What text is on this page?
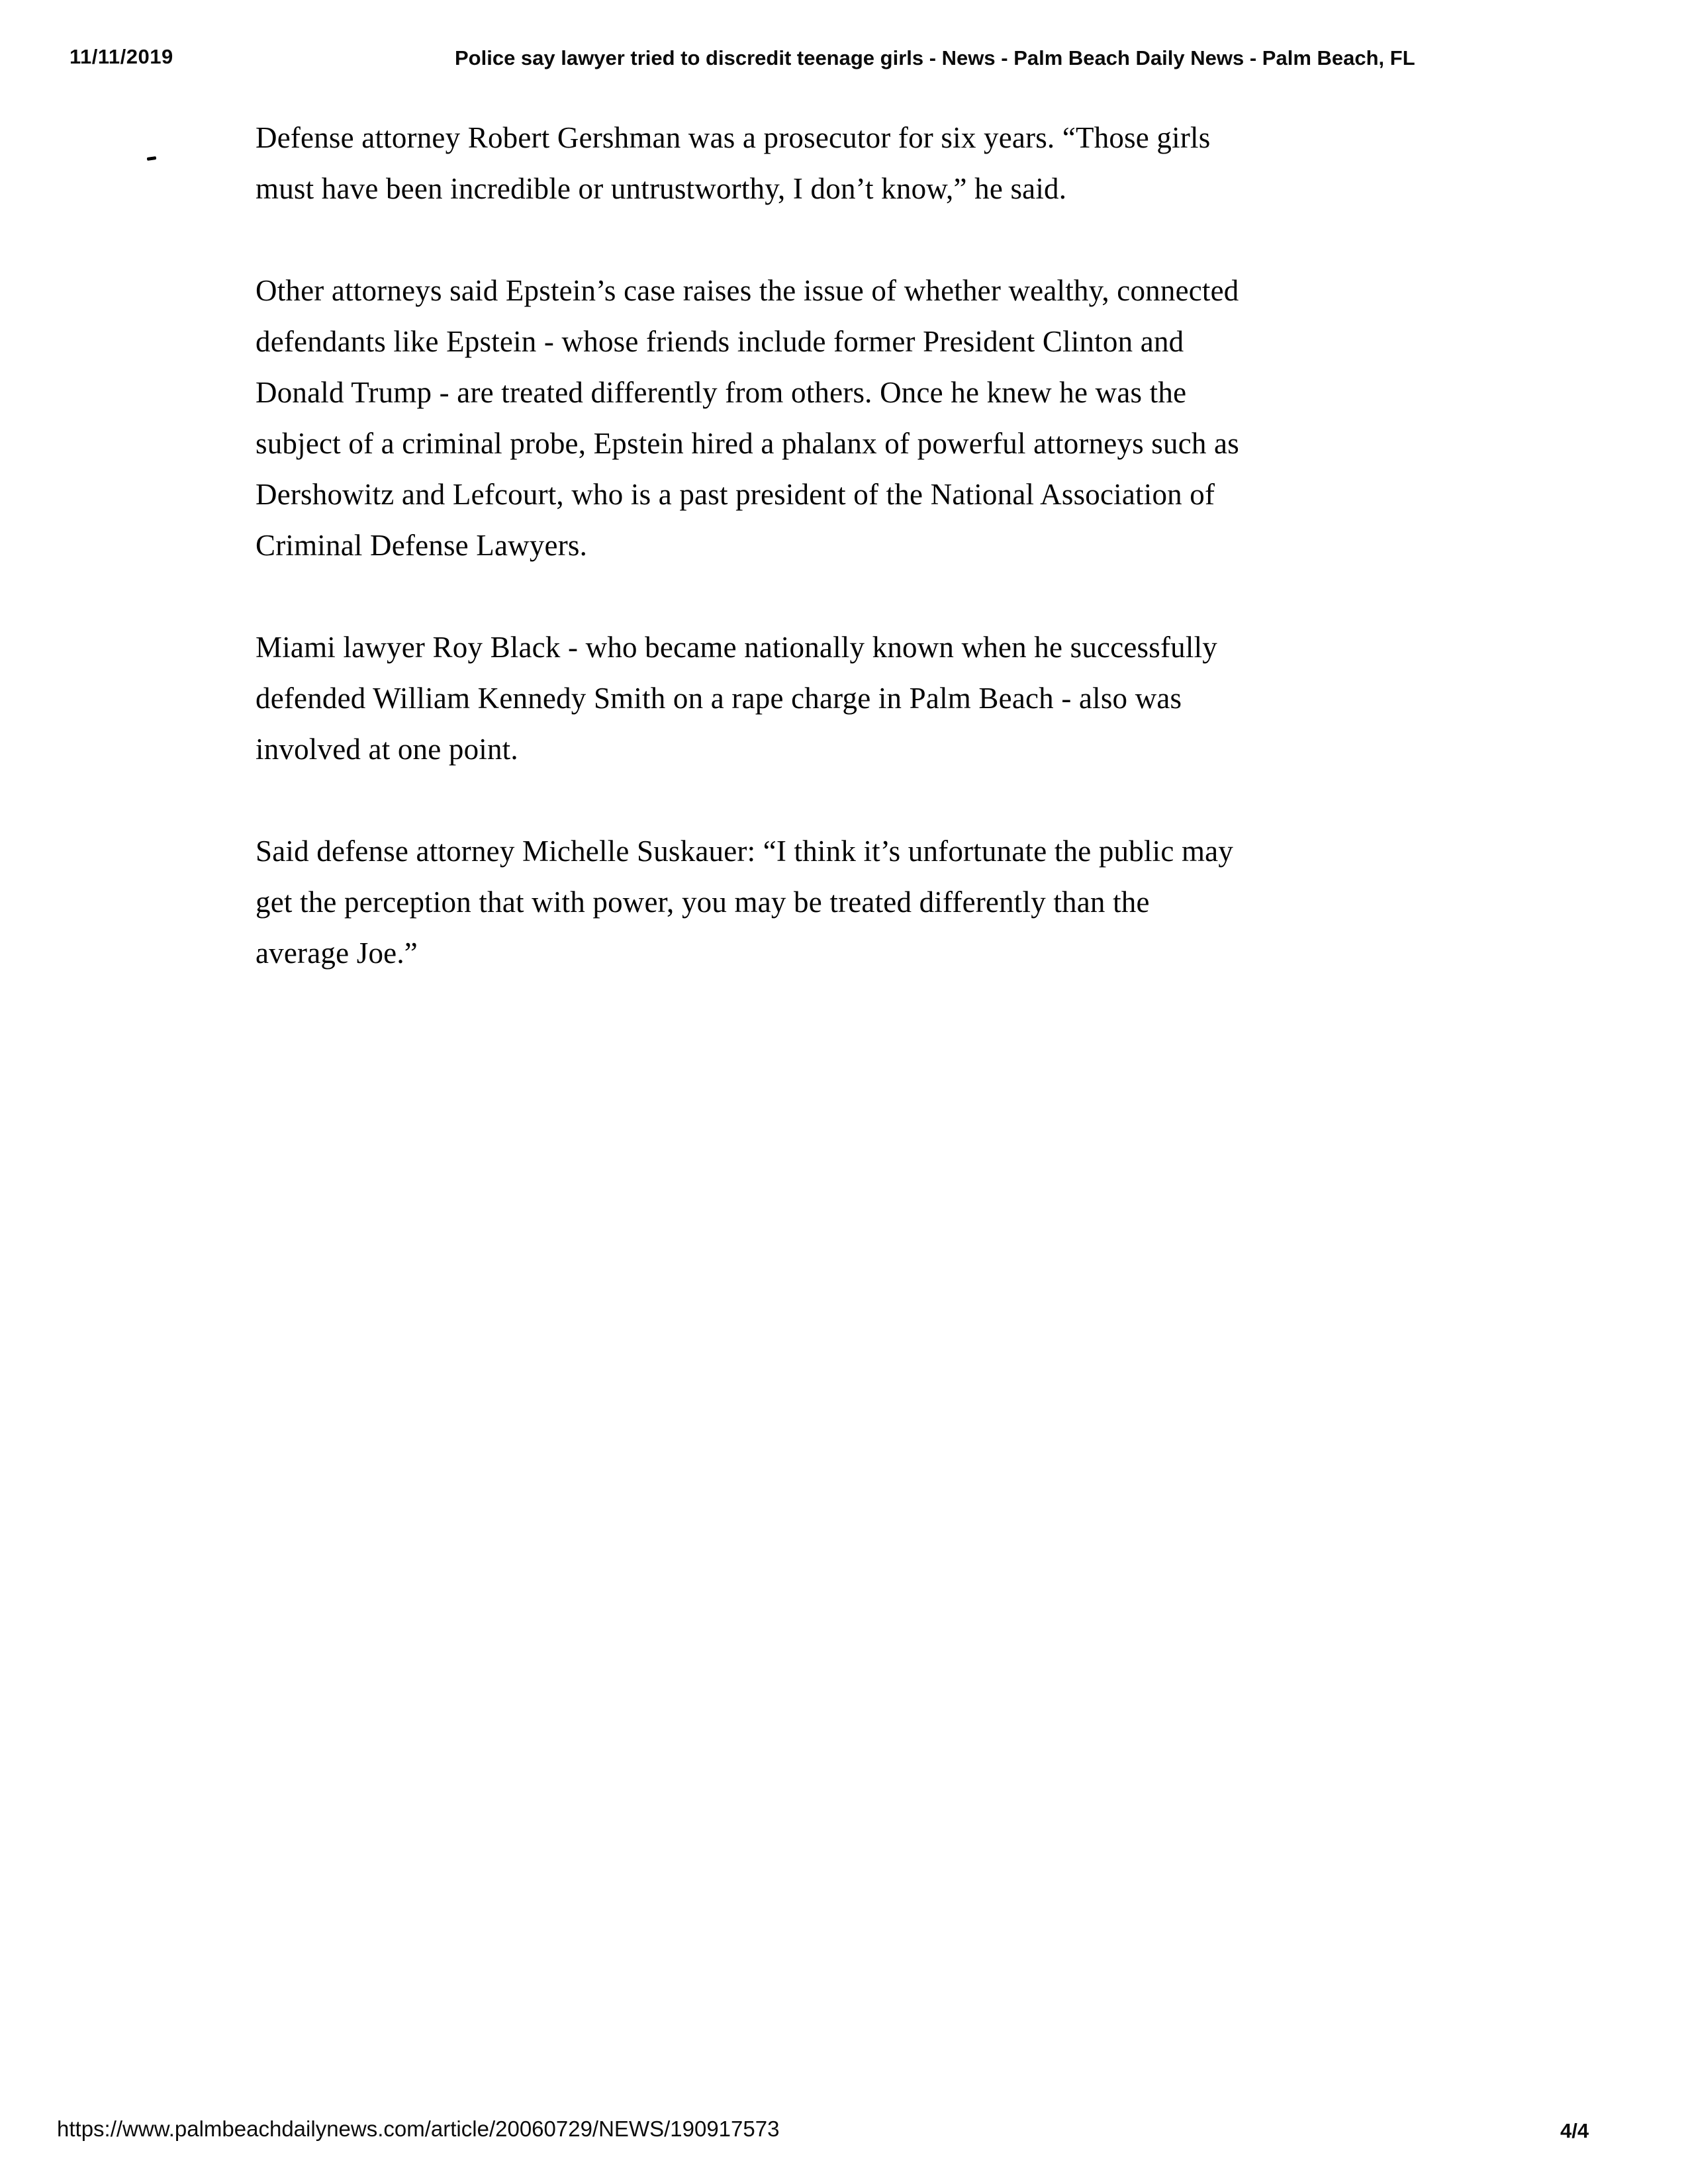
11/11/2019	Police say lawyer tried to discredit teenage girls - News - Palm Beach Daily News - Palm Beach, FL

Defense attorney Robert Gershman was a prosecutor for six years. “Those girls
must have been incredible or untrustworthy, I don’t know,” he said.

Other attorneys said Epstein’s case raises the issue of whether wealthy, connected
defendants like Epstein - whose friends include former President Clinton and
Donald Trump - are treated differently from others. Once he knew he was the
subject of a criminal probe, Epstein hired a phalanx of powerful attorneys such as
Dershowitz and Lefcourt, who is a past president of the National Association of
Criminal Defense Lawyers.

Miami lawyer Roy Black - who became nationally known when he successfully
defended William Kennedy Smith on a rape charge in Palm Beach - also was
involved at one point.

Said defense attorney Michelle Suskauer: “I think it’s unfortunate the public may
get the perception that with power, you may be treated differently than the
average Joe.”

https://www.palmbeachdailynews.com/article/20060729/NEWS/190917573	4/4
